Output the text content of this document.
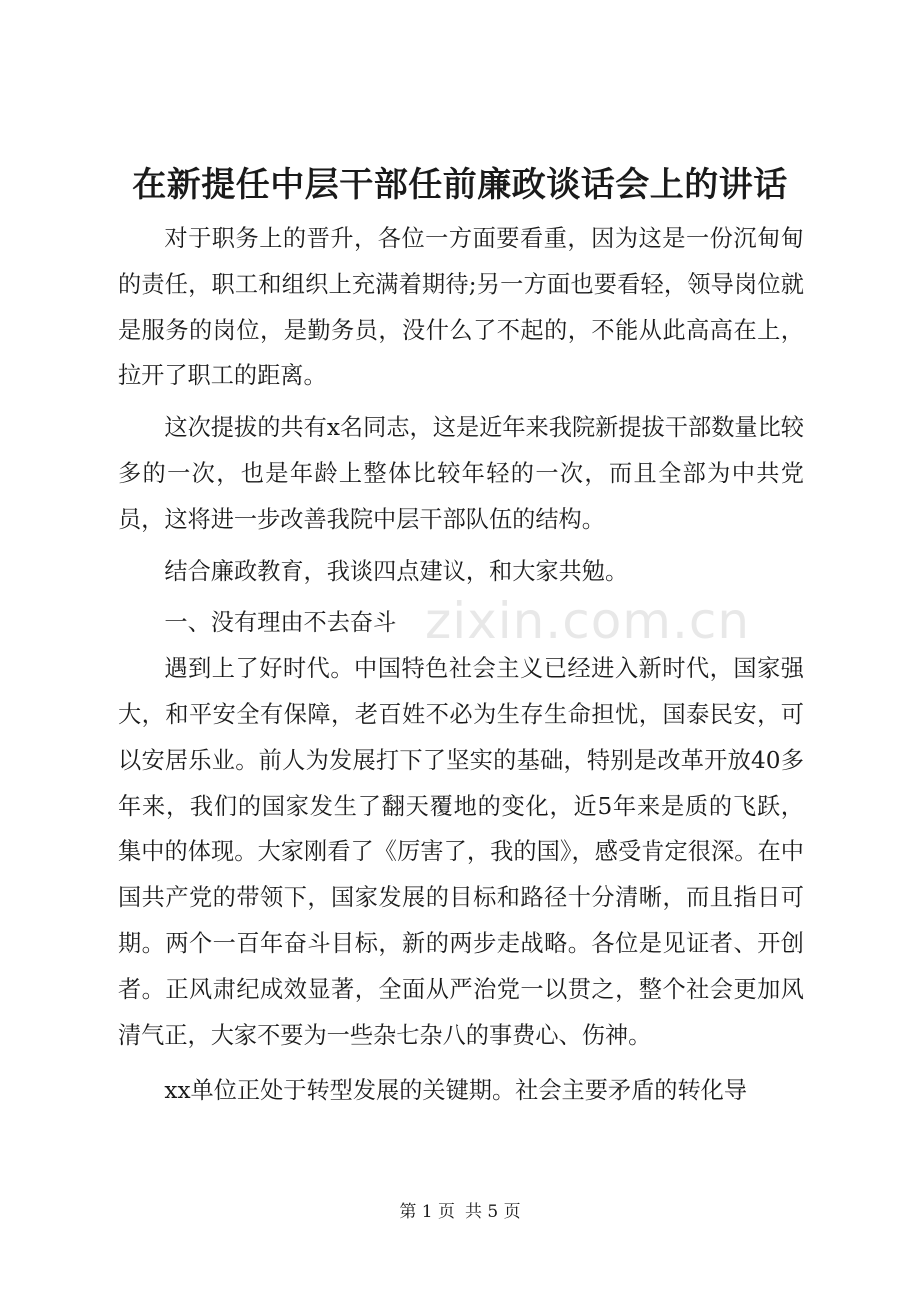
在新提任中层干部任前廉政谈话会上的讲话

对于职务上的晋升，各位一方面要看重，因为这是一份沉甸甸的责任，职工和组织上充满着期待;另一方面也要看轻，领导岗位就是服务的岗位，是勤务员，没什么了不起的，不能从此高高在上，拉开了职工的距离。

这次提拔的共有x名同志，这是近年来我院新提拔干部数量比较多的一次，也是年龄上整体比较年轻的一次，而且全部为中共党员，这将进一步改善我院中层干部队伍的结构。

结合廉政教育，我谈四点建议，和大家共勉。

一、没有理由不去奋斗

遇到上了好时代。中国特色社会主义已经进入新时代，国家强大，和平安全有保障，老百姓不必为生存生命担忧，国泰民安，可以安居乐业。前人为发展打下了坚实的基础，特别是改革开放40多年来，我们的国家发生了翻天覆地的变化，近5年来是质的飞跃，集中的体现。大家刚看了《厉害了，我的国》，感受肯定很深。在中国共产党的带领下，国家发展的目标和路径十分清晰，而且指日可期。两个一百年奋斗目标，新的两步走战略。各位是见证者、开创者。正风肃纪成效显著，全面从严治党一以贯之，整个社会更加风清气正，大家不要为一些杂七杂八的事费心、伤神。

xx单位正处于转型发展的关键期。社会主要矛盾的转化导

zixin.com.cn
第 1 页 共 5 页
